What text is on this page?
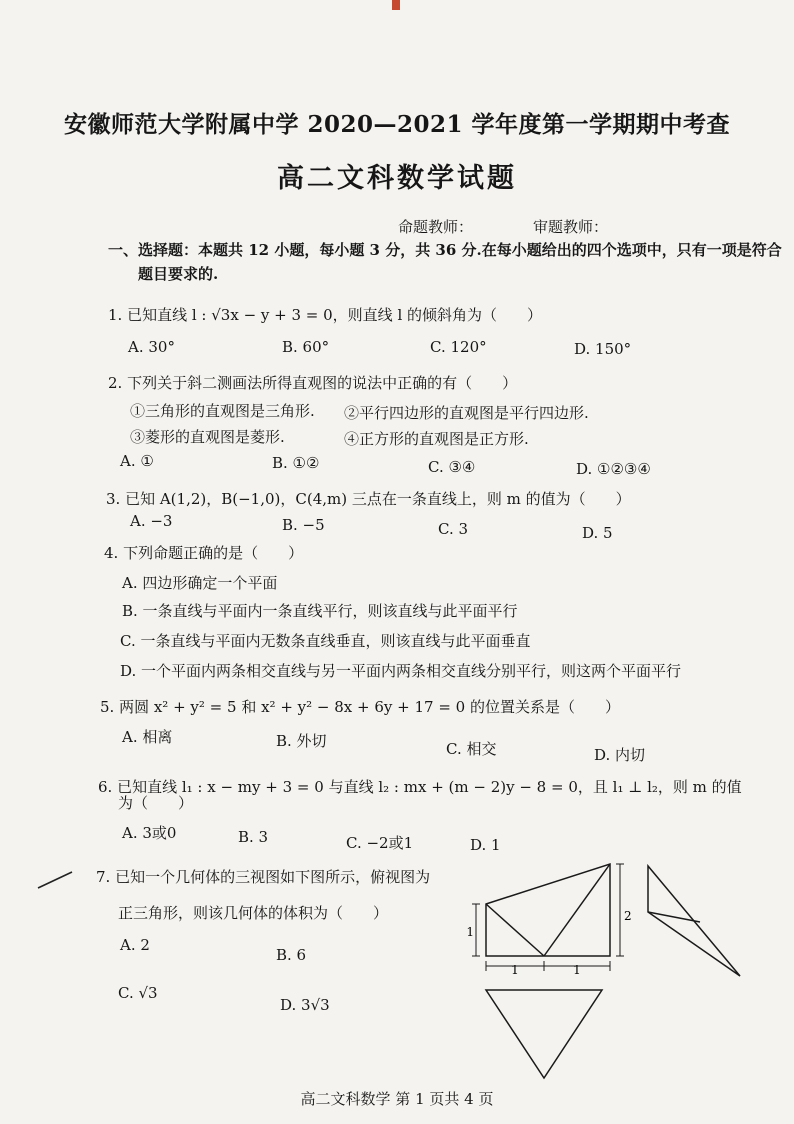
安徽师范大学附属中学 2020—2021 学年度第一学期期中考查
高二文科数学试题
命题教师：	审题教师：
一、选择题：本题共 12 小题，每小题 3 分，共 36 分.在每小题给出的四个选项中，只有一项是符合
题目要求的.
1. 已知直线 l : √3x − y + 3 = 0，则直线 l 的倾斜角为（　　）
A. 30°	B. 60°	C. 120°	D. 150°
2. 下列关于斜二测画法所得直观图的说法中正确的有（　　）
①三角形的直观图是三角形. ②平行四边形的直观图是平行四边形.
③菱形的直观图是菱形.	④正方形的直观图是正方形.
A. ①	B. ①②	C. ③④	D. ①②③④
3. 已知 A(1,2)，B(−1,0)，C(4,m) 三点在一条直线上，则 m 的值为（　　）
A. −3	B. −5	C. 3	D. 5
4. 下列命题正确的是（　　）
A. 四边形确定一个平面
B. 一条直线与平面内一条直线平行，则该直线与此平面平行
C. 一条直线与平面内无数条直线垂直，则该直线与此平面垂直
D. 一个平面内两条相交直线与另一平面内两条相交直线分别平行，则这两个平面平行
5. 两圆 x² + y² = 5 和 x² + y² − 8x + 6y + 17 = 0 的位置关系是（　　）
A. 相离	B. 外切	C. 相交	D. 内切
6. 已知直线 l₁ : x − my + 3 = 0 与直线 l₂ : mx + (m − 2)y − 8 = 0，且 l₁ ⊥ l₂，则 m 的值
为（　　）
A. 3或0	B. 3	C. −2或1	D. 1
7. 已知一个几何体的三视图如下图所示，俯视图为
正三角形，则该几何体的体积为（　　）
A. 2
B. 6
C. √3
D. 3√3
1
2
1	1
高二文科数学 第 1 页共 4 页
